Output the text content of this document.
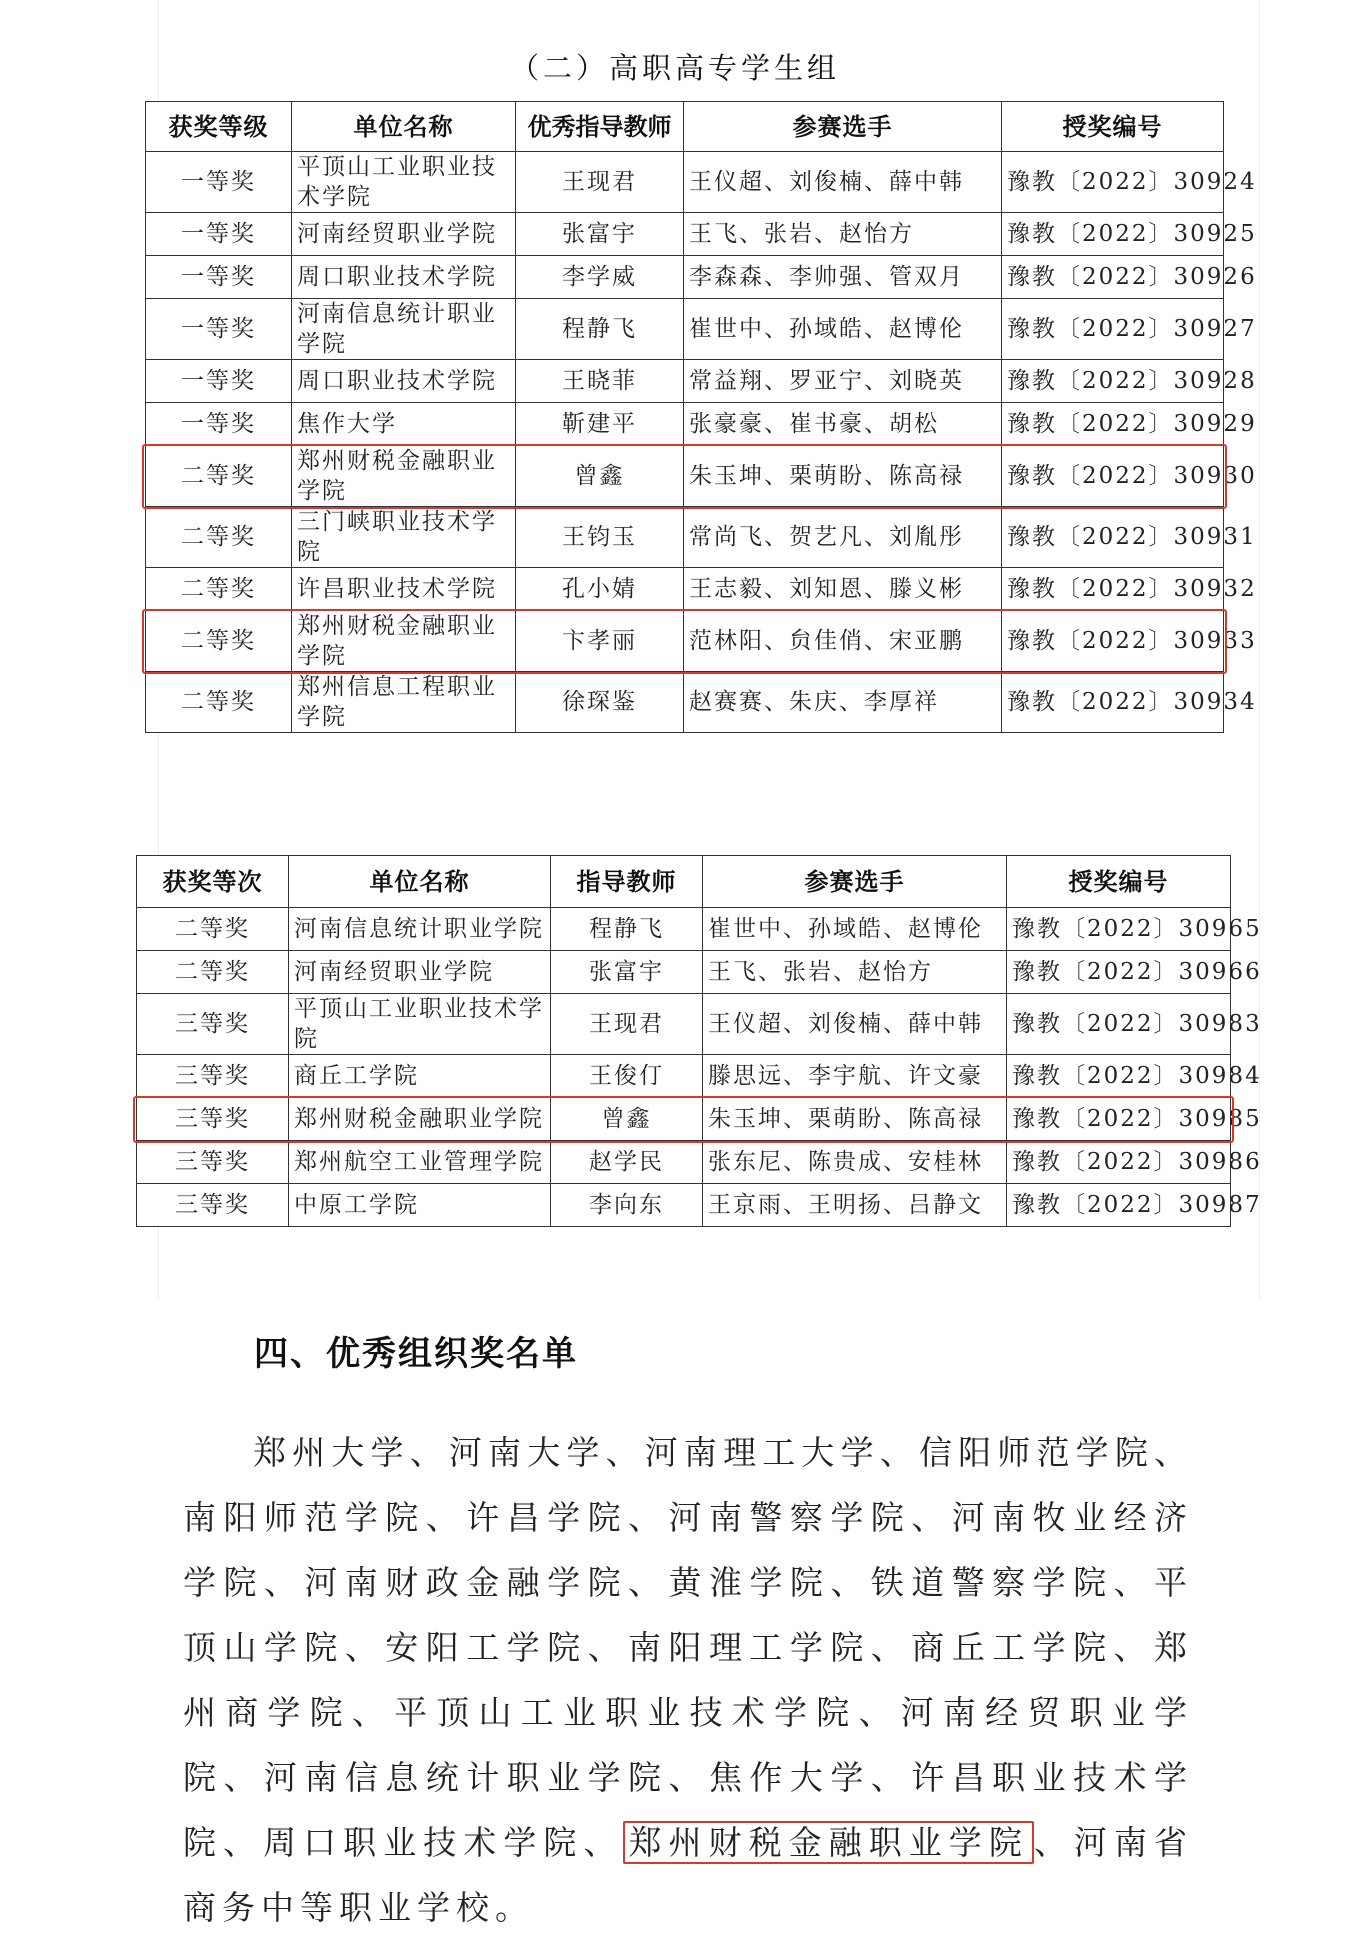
（二）高职高专学生组
获奖等级	单位名称	优秀指导教师	参赛选手	授奖编号
一等奖	平顶山工业职业技术学院	王现君	王仪超、刘俊楠、薛中韩	豫教〔2022〕30924
一等奖	河南经贸职业学院	张富宇	王飞、张岩、赵怡方	豫教〔2022〕30925
一等奖	周口职业技术学院	李学威	李森森、李帅强、管双月	豫教〔2022〕30926
一等奖	河南信息统计职业学院	程静飞	崔世中、孙域皓、赵博伦	豫教〔2022〕30927
一等奖	周口职业技术学院	王晓菲	常益翔、罗亚宁、刘晓英	豫教〔2022〕30928
一等奖	焦作大学	靳建平	张豪豪、崔书豪、胡松	豫教〔2022〕30929
二等奖	郑州财税金融职业学院	曾鑫	朱玉坤、栗萌盼、陈高禄	豫教〔2022〕30930
二等奖	三门峡职业技术学院	王钧玉	常尚飞、贺艺凡、刘胤彤	豫教〔2022〕30931
二等奖	许昌职业技术学院	孔小婧	王志毅、刘知恩、滕义彬	豫教〔2022〕30932
二等奖	郑州财税金融职业学院	卞孝丽	范林阳、贠佳俏、宋亚鹏	豫教〔2022〕30933
二等奖	郑州信息工程职业学院	徐琛鉴	赵赛赛、朱庆、李厚祥	豫教〔2022〕30934
获奖等次	单位名称	指导教师	参赛选手	授奖编号
二等奖	河南信息统计职业学院	程静飞	崔世中、孙域皓、赵博伦	豫教〔2022〕30965
二等奖	河南经贸职业学院	张富宇	王飞、张岩、赵怡方	豫教〔2022〕30966
三等奖	平顶山工业职业技术学院	王现君	王仪超、刘俊楠、薛中韩	豫教〔2022〕30983
三等奖	商丘工学院	王俊仃	滕思远、李宇航、许文豪	豫教〔2022〕30984
三等奖	郑州财税金融职业学院	曾鑫	朱玉坤、栗萌盼、陈高禄	豫教〔2022〕30985
三等奖	郑州航空工业管理学院	赵学民	张东尼、陈贵成、安桂林	豫教〔2022〕30986
三等奖	中原工学院	李向东	王京雨、王明扬、吕静文	豫教〔2022〕30987
四、优秀组织奖名单

郑州大学、河南大学、河南理工大学、信阳师范学院、南阳师范学院、许昌学院、河南警察学院、河南牧业经济学院、河南财政金融学院、黄淮学院、铁道警察学院、平顶山学院、安阳工学院、南阳理工学院、商丘工学院、郑州商学院、平顶山工业职业技术学院、河南经贸职业学院、河南信息统计职业学院、焦作大学、许昌职业技术学院、周口职业技术学院、 郑州财税金融职业学院 、河南省商务中等职业学校。
